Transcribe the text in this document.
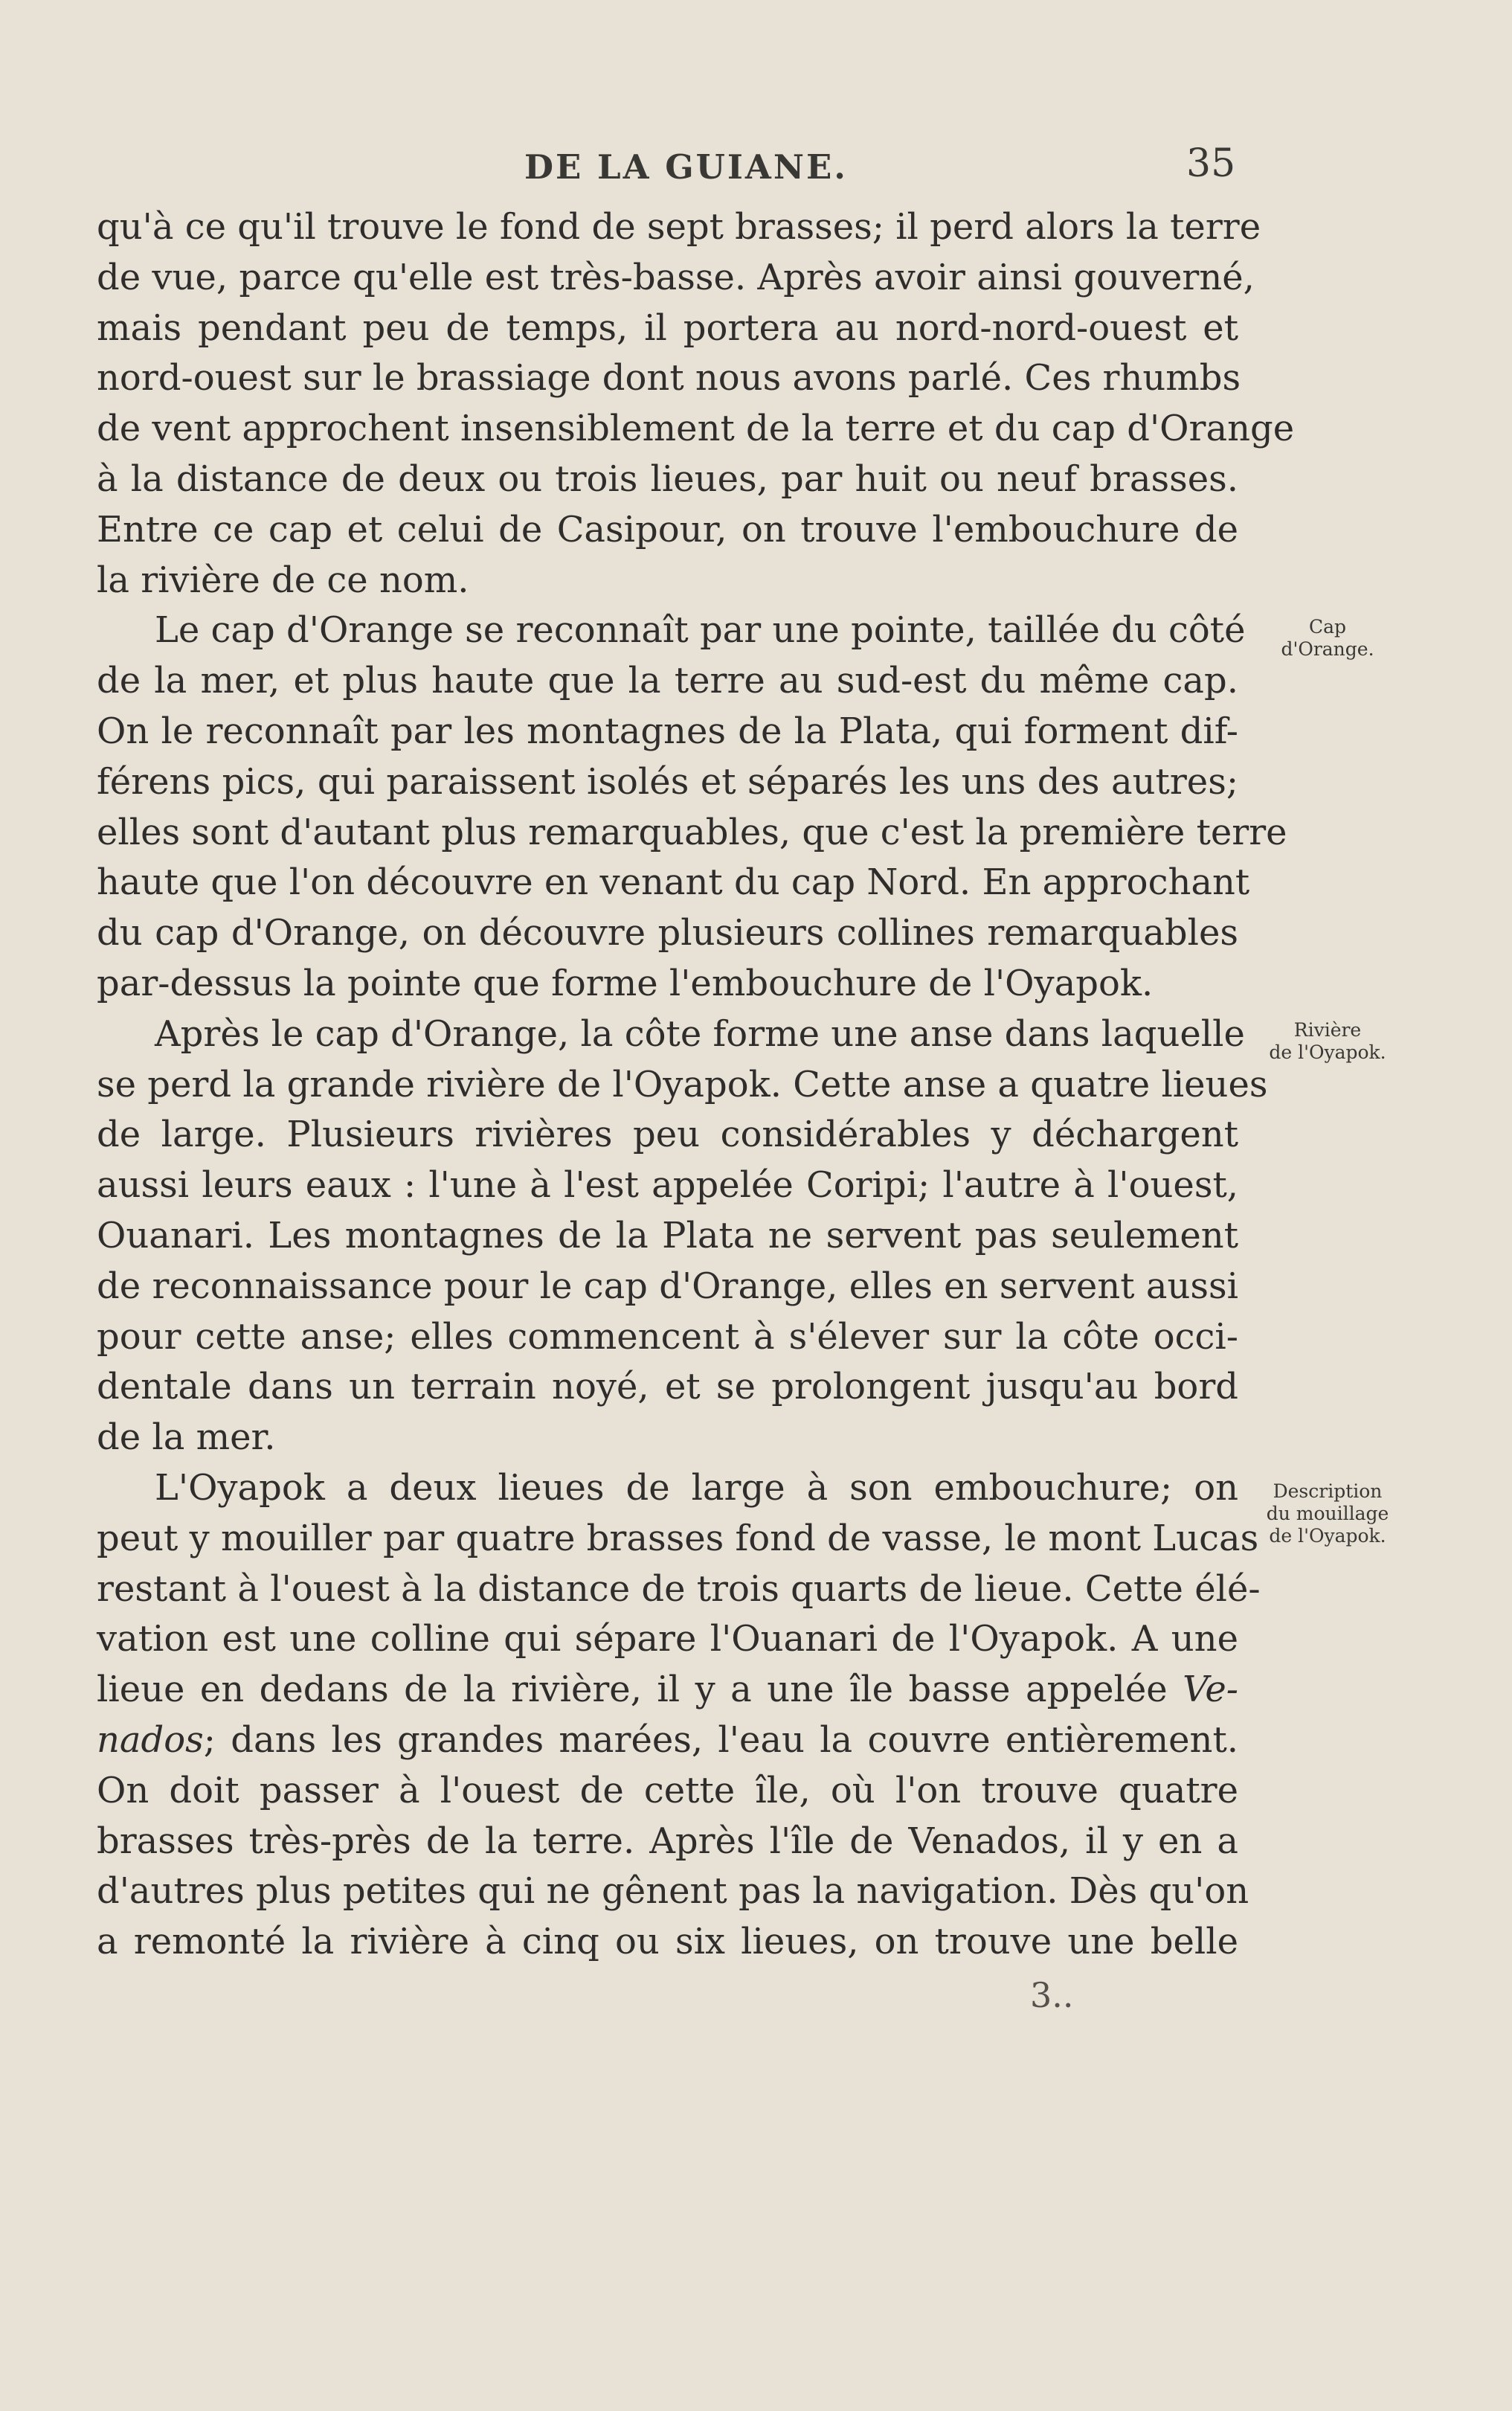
DE LA GUIANE.	35
qu'à ce qu'il trouve le fond de sept brasses; il perd alors la terre
de vue, parce qu'elle est très-basse. Après avoir ainsi gouverné,
mais pendant peu de temps, il portera au nord-nord-ouest et
nord-ouest sur le brassiage dont nous avons parlé. Ces rhumbs
de vent approchent insensiblement de la terre et du cap d'Orange
à la distance de deux ou trois lieues, par huit ou neuf brasses.
Entre ce cap et celui de Casipour, on trouve l'embouchure de
la rivière de ce nom.
Le cap d'Orange se reconnaît par une pointe, taillée du côté
de la mer, et plus haute que la terre au sud-est du même cap.
On le reconnaît par les montagnes de la Plata, qui forment dif-
férens pics, qui paraissent isolés et séparés les uns des autres;
elles sont d'autant plus remarquables, que c'est la première terre
haute que l'on découvre en venant du cap Nord. En approchant
du cap d'Orange, on découvre plusieurs collines remarquables
par-dessus la pointe que forme l'embouchure de l'Oyapok.
Après le cap d'Orange, la côte forme une anse dans laquelle
se perd la grande rivière de l'Oyapok. Cette anse a quatre lieues
de large. Plusieurs rivières peu considérables y déchargent
aussi leurs eaux : l'une à l'est appelée Coripi; l'autre à l'ouest,
Ouanari. Les montagnes de la Plata ne servent pas seulement
de reconnaissance pour le cap d'Orange, elles en servent aussi
pour cette anse; elles commencent à s'élever sur la côte occi-
dentale dans un terrain noyé, et se prolongent jusqu'au bord
de la mer.
L'Oyapok a deux lieues de large à son embouchure; on
peut y mouiller par quatre brasses fond de vasse, le mont Lucas
restant à l'ouest à la distance de trois quarts de lieue. Cette élé-
vation est une colline qui sépare l'Ouanari de l'Oyapok. A une
lieue en dedans de la rivière, il y a une île basse appelée Ve-
nados; dans les grandes marées, l'eau la couvre entièrement.
On doit passer à l'ouest de cette île, où l'on trouve quatre
brasses très-près de la terre. Après l'île de Venados, il y en a
d'autres plus petites qui ne gênent pas la navigation. Dès qu'on
a remonté la rivière à cinq ou six lieues, on trouve une belle
Cap
d'Orange.
Rivière
de l'Oyapok.
Description
du mouillage
de l'Oyapok.
3..
